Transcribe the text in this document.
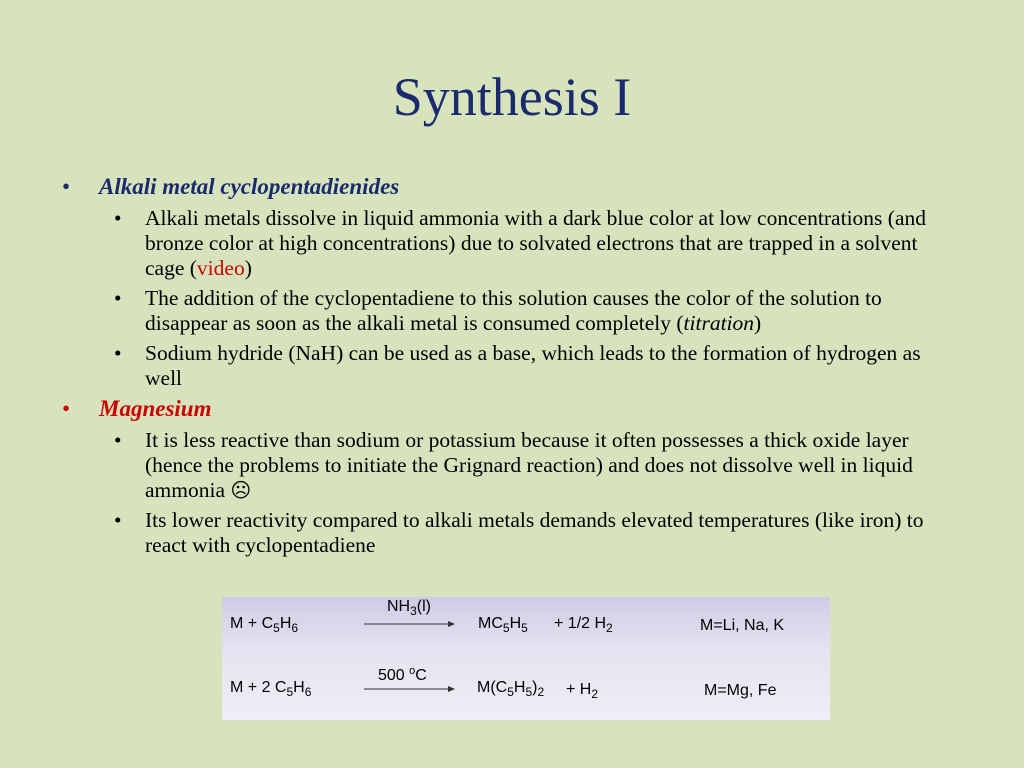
Synthesis I
• Alkali metal cyclopentadienides
• Alkali metals dissolve in liquid ammonia with a dark blue color at low concentrations (and bronze color at high concentrations) due to solvated electrons that are trapped in a solvent cage (video)
• The addition of the cyclopentadiene to this solution causes the color of the solution to disappear as soon as the alkali metal is consumed completely (titration)
• Sodium hydride (NaH) can be used as a base, which leads to the formation of hydrogen as well
• Magnesium
• It is less reactive than sodium or potassium because it often possesses a thick oxide layer (hence the problems to initiate the Grignard reaction) and does not dissolve well in liquid ammonia ☹
• Its lower reactivity compared to alkali metals demands elevated temperatures (like iron) to react with cyclopentadiene
$M + C_5H_6$
$NH_3(l)$
$MC_5H_5 + 1/2$ $H_2$	M=Li, Na, K
M + 2 $C_5H_6$
500 $^o$C
$M(C_5H_5)_2 + H_2$	M=Mg, Fe
